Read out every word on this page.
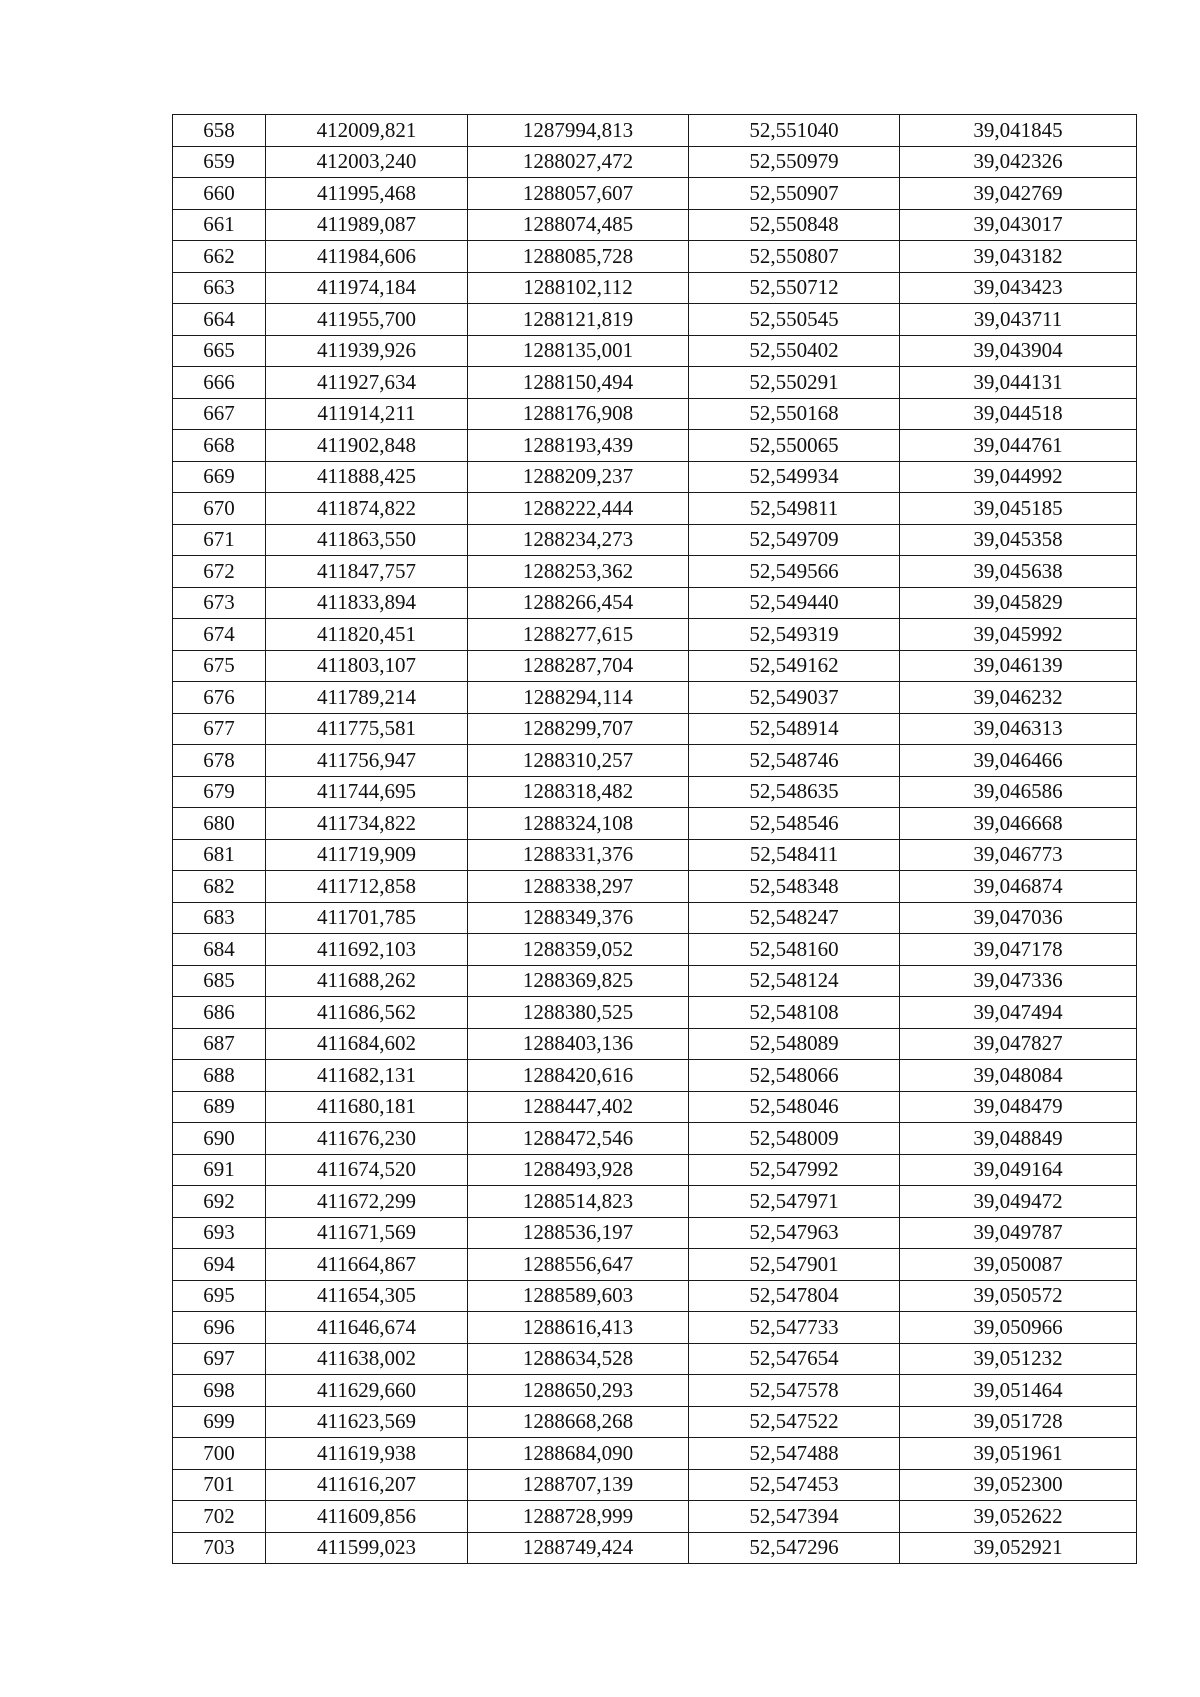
658	412009,821	1287994,813	52,551040	39,041845
659	412003,240	1288027,472	52,550979	39,042326
660	411995,468	1288057,607	52,550907	39,042769
661	411989,087	1288074,485	52,550848	39,043017
662	411984,606	1288085,728	52,550807	39,043182
663	411974,184	1288102,112	52,550712	39,043423
664	411955,700	1288121,819	52,550545	39,043711
665	411939,926	1288135,001	52,550402	39,043904
666	411927,634	1288150,494	52,550291	39,044131
667	411914,211	1288176,908	52,550168	39,044518
668	411902,848	1288193,439	52,550065	39,044761
669	411888,425	1288209,237	52,549934	39,044992
670	411874,822	1288222,444	52,549811	39,045185
671	411863,550	1288234,273	52,549709	39,045358
672	411847,757	1288253,362	52,549566	39,045638
673	411833,894	1288266,454	52,549440	39,045829
674	411820,451	1288277,615	52,549319	39,045992
675	411803,107	1288287,704	52,549162	39,046139
676	411789,214	1288294,114	52,549037	39,046232
677	411775,581	1288299,707	52,548914	39,046313
678	411756,947	1288310,257	52,548746	39,046466
679	411744,695	1288318,482	52,548635	39,046586
680	411734,822	1288324,108	52,548546	39,046668
681	411719,909	1288331,376	52,548411	39,046773
682	411712,858	1288338,297	52,548348	39,046874
683	411701,785	1288349,376	52,548247	39,047036
684	411692,103	1288359,052	52,548160	39,047178
685	411688,262	1288369,825	52,548124	39,047336
686	411686,562	1288380,525	52,548108	39,047494
687	411684,602	1288403,136	52,548089	39,047827
688	411682,131	1288420,616	52,548066	39,048084
689	411680,181	1288447,402	52,548046	39,048479
690	411676,230	1288472,546	52,548009	39,048849
691	411674,520	1288493,928	52,547992	39,049164
692	411672,299	1288514,823	52,547971	39,049472
693	411671,569	1288536,197	52,547963	39,049787
694	411664,867	1288556,647	52,547901	39,050087
695	411654,305	1288589,603	52,547804	39,050572
696	411646,674	1288616,413	52,547733	39,050966
697	411638,002	1288634,528	52,547654	39,051232
698	411629,660	1288650,293	52,547578	39,051464
699	411623,569	1288668,268	52,547522	39,051728
700	411619,938	1288684,090	52,547488	39,051961
701	411616,207	1288707,139	52,547453	39,052300
702	411609,856	1288728,999	52,547394	39,052622
703	411599,023	1288749,424	52,547296	39,052921
